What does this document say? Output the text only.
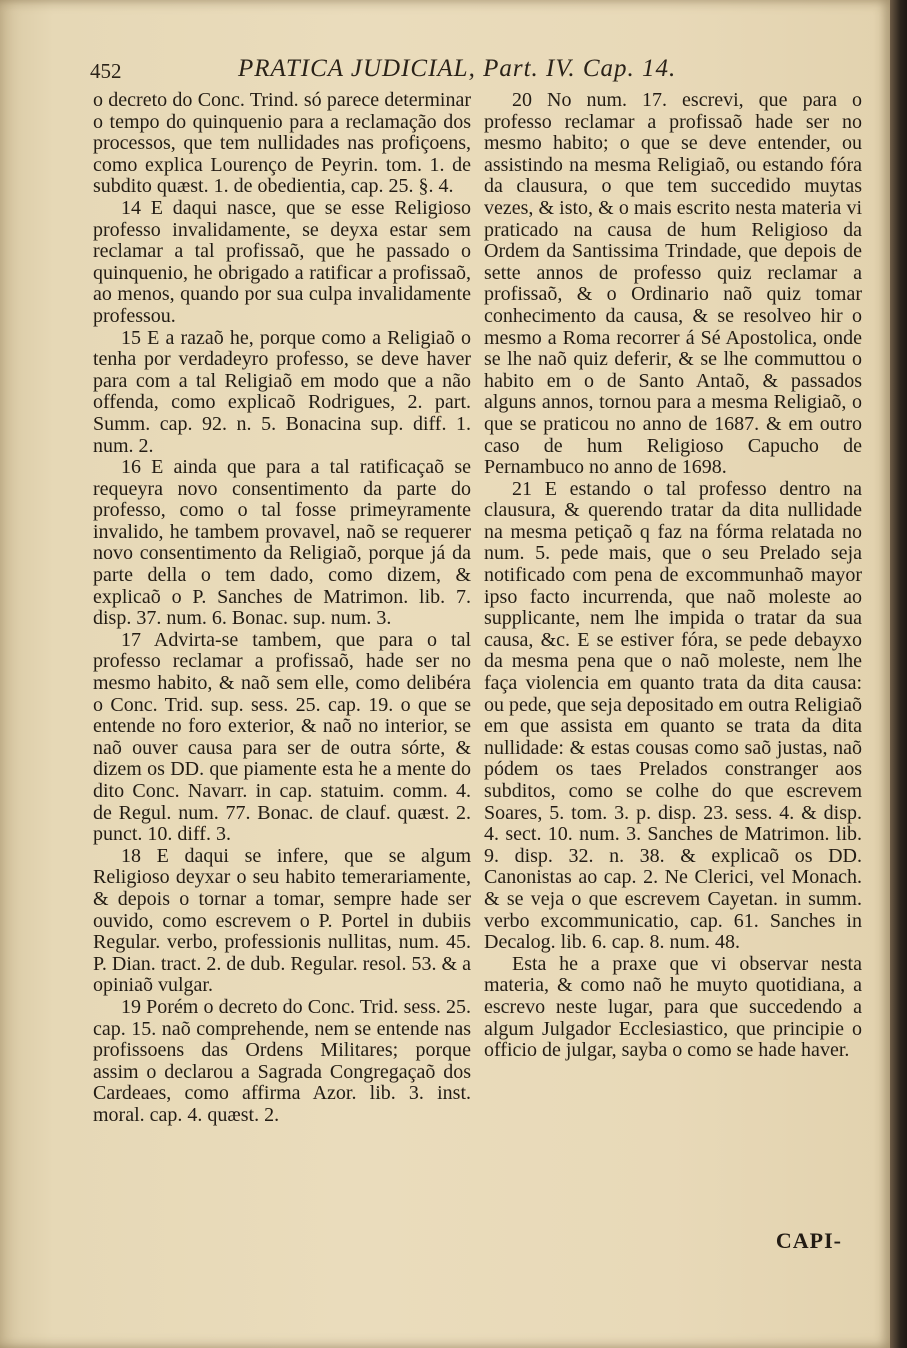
452	PRATICA JUDICIAL, Part. IV. Cap. 14.

o decreto do Conc. Trind. só parece determinar o tempo do quinquenio para a reclamação dos processos, que tem nullidades nas profiçoens, como explica Lourenço de Peyrin. tom. 1. de subdito quæst. 1. de obedientia, cap. 25. §. 4.

14 E daqui nasce, que se esse Religioso professo invalidamente, se deyxa estar sem reclamar a tal profissaõ, que he passado o quinquenio, he obrigado a ratificar a profissaõ, ao menos, quando por sua culpa invalidamente professou.

15 E a razaõ he, porque como a Religiaõ o tenha por verdadeyro professo, se deve haver para com a tal Religiaõ em modo que a não offenda, como explicaõ Rodrigues, 2. part. Summ. cap. 92. n. 5. Bonacina sup. diff. 1. num. 2.

16 E ainda que para a tal ratificaçaõ se requeyra novo consentimento da parte do professo, como o tal fosse primeyramente invalido, he tambem provavel, naõ se requerer novo consentimento da Religiaõ, porque já da parte della o tem dado, como dizem, & explicaõ o P. Sanches de Matrimon. lib. 7. disp. 37. num. 6. Bonac. sup. num. 3.

17 Advirta-se tambem, que para o tal professo reclamar a profissaõ, hade ser no mesmo habito, & naõ sem elle, como delibéra o Conc. Trid. sup. sess. 25. cap. 19. o que se entende no foro exterior, & naõ no interior, se naõ ouver causa para ser de outra sórte, & dizem os DD. que piamente esta he a mente do dito Conc. Navarr. in cap. statuim. comm. 4. de Regul. num. 77. Bonac. de clauf. quæst. 2. punct. 10. diff. 3.

18 E daqui se infere, que se algum Religioso deyxar o seu habito temerariamente, & depois o tornar a tomar, sempre hade ser ouvido, como escrevem o P. Portel in dubiis Regular. verbo, professionis nullitas, num. 45. P. Dian. tract. 2. de dub. Regular. resol. 53. & a opiniaõ vulgar.

19 Porém o decreto do Conc. Trid. sess. 25. cap. 15. naõ comprehende, nem se entende nas profissoens das Ordens Militares; porque assim o declarou a Sagrada Congregaçaõ dos Cardeaes, como affirma Azor. lib. 3. inst. moral. cap. 4. quæst. 2.

20 No num. 17. escrevi, que para o professo reclamar a profissaõ hade ser no mesmo habito; o que se deve entender, ou assistindo na mesma Religiaõ, ou estando fóra da clausura, o que tem succedido muytas vezes, & isto, & o mais escrito nesta materia vi praticado na causa de hum Religioso da Ordem da Santissima Trindade, que depois de sette annos de professo quiz reclamar a profissaõ, & o Ordinario naõ quiz tomar conhecimento da causa, & se resolveo hir o mesmo a Roma recorrer á Sé Apostolica, onde se lhe naõ quiz deferir, & se lhe commuttou o habito em o de Santo Antaõ, & passados alguns annos, tornou para a mesma Religiaõ, o que se praticou no anno de 1687. & em outro caso de hum Religioso Capucho de Pernambuco no anno de 1698.

21 E estando o tal professo dentro na clausura, & querendo tratar da dita nullidade na mesma petiçaõ q faz na fórma relatada no num. 5. pede mais, que o seu Prelado seja notificado com pena de excommunhaõ mayor ipso facto incurrenda, que naõ moleste ao supplicante, nem lhe impida o tratar da sua causa, &c. E se estiver fóra, se pede debayxo da mesma pena que o naõ moleste, nem lhe faça violencia em quanto trata da dita causa: ou pede, que seja depositado em outra Religiaõ em que assista em quanto se trata da dita nullidade: & estas cousas como saõ justas, naõ pódem os taes Prelados constranger aos subditos, como se colhe do que escrevem Soares, 5. tom. 3. p. disp. 23. sess. 4. & disp. 4. sect. 10. num. 3. Sanches de Matrimon. lib. 9. disp. 32. n. 38. & explicaõ os DD. Canonistas ao cap. 2. Ne Clerici, vel Monach. & se veja o que escrevem Cayetan. in summ. verbo excommunicatio, cap. 61. Sanches in Decalog. lib. 6. cap. 8. num. 48.

Esta he a praxe que vi observar nesta materia, & como naõ he muyto quotidiana, a escrevo neste lugar, para que succedendo a algum Julgador Ecclesiastico, que principie o officio de julgar, sayba o como se hade haver.

CAPI-
